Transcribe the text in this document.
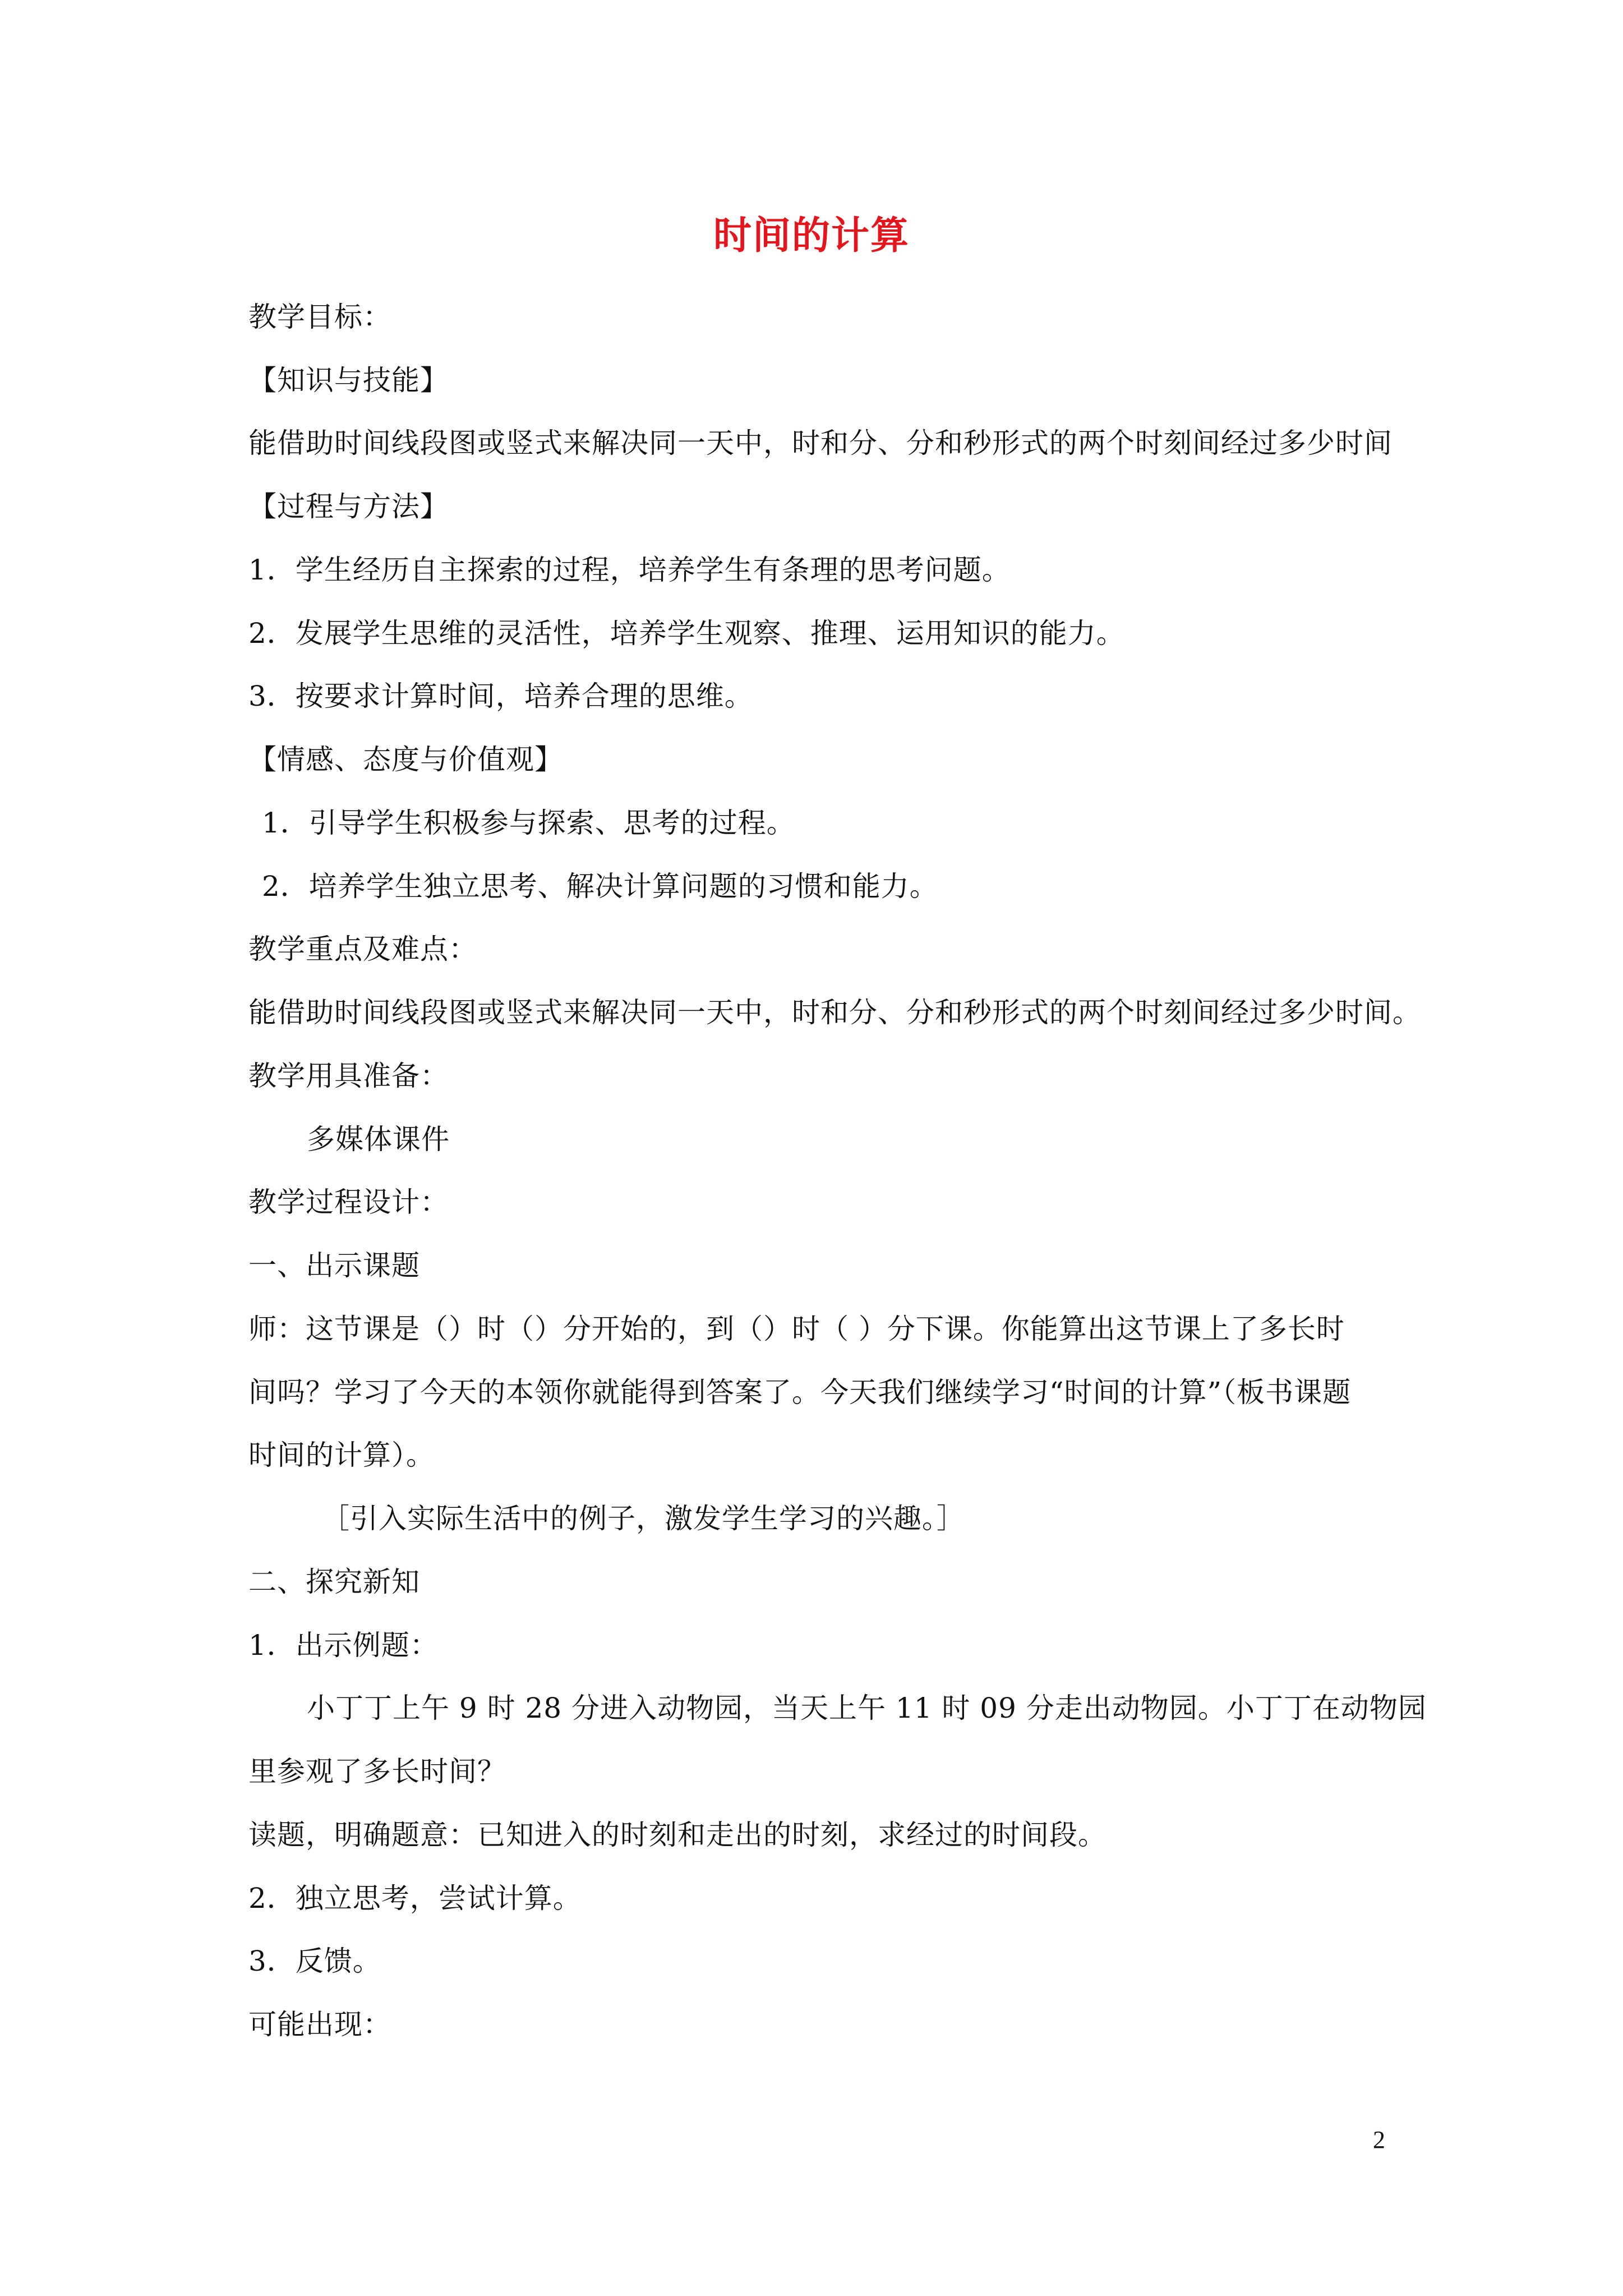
时间的计算
教学目标：
【知识与技能】
能借助时间线段图或竖式来解决同一天中，时和分、分和秒形式的两个时刻间经过多少时间
【过程与方法】
1．学生经历自主探索的过程，培养学生有条理的思考问题。
2．发展学生思维的灵活性，培养学生观察、推理、运用知识的能力。
3．按要求计算时间，培养合理的思维。
【情感、态度与价值观】
1．引导学生积极参与探索、思考的过程。
2．培养学生独立思考、解决计算问题的习惯和能力。
教学重点及难点：
能借助时间线段图或竖式来解决同一天中，时和分、分和秒形式的两个时刻间经过多少时间。
教学用具准备：
多媒体课件
教学过程设计：
一、出示课题
师：这节课是（）时（）分开始的，到（）时（ ）分下课。你能算出这节课上了多长时
间吗？学习了今天的本领你就能得到答案了。今天我们继续学习“时间的计算”（板书课题
时间的计算）。
［引入实际生活中的例子，激发学生学习的兴趣。］
二、探究新知
1．出示例题：
小丁丁上午 9 时 28 分进入动物园，当天上午 11 时 09 分走出动物园。小丁丁在动物园
里参观了多长时间？
读题，明确题意：已知进入的时刻和走出的时刻，求经过的时间段。
2．独立思考，尝试计算。
3．反馈。
可能出现：
2
